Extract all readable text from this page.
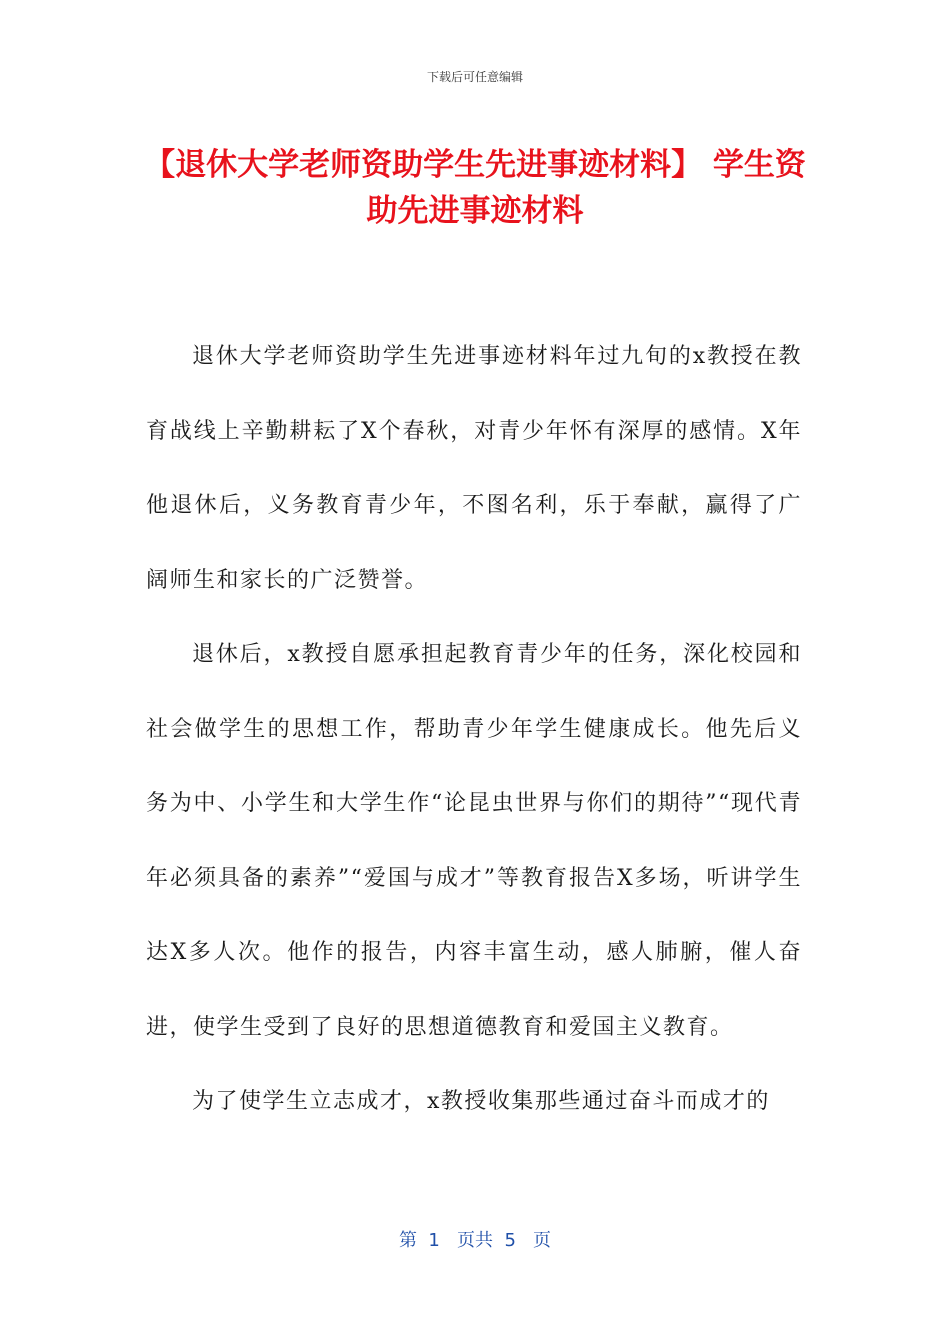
下载后可任意编辑
【退休大学老师资助学生先进事迹材料】 学生资助先进事迹材料

退休大学老师资助学生先进事迹材料年过九旬的x教授在教育战线上辛勤耕耘了X个春秋，对青少年怀有深厚的感情。X年他退休后，义务教育青少年，不图名利，乐于奉献，赢得了广阔师生和家长的广泛赞誉。

退休后，x教授自愿承担起教育青少年的任务，深化校园和社会做学生的思想工作，帮助青少年学生健康成长。他先后义务为中、小学生和大学生作“论昆虫世界与你们的期待”“现代青年必须具备的素养”“爱国与成才”等教育报告X多场，听讲学生达X多人次。他作的报告，内容丰富生动，感人肺腑，催人奋进，使学生受到了良好的思想道德教育和爱国主义教育。

为了使学生立志成才，x教授收集那些通过奋斗而成才的

第  1   页共  5   页
